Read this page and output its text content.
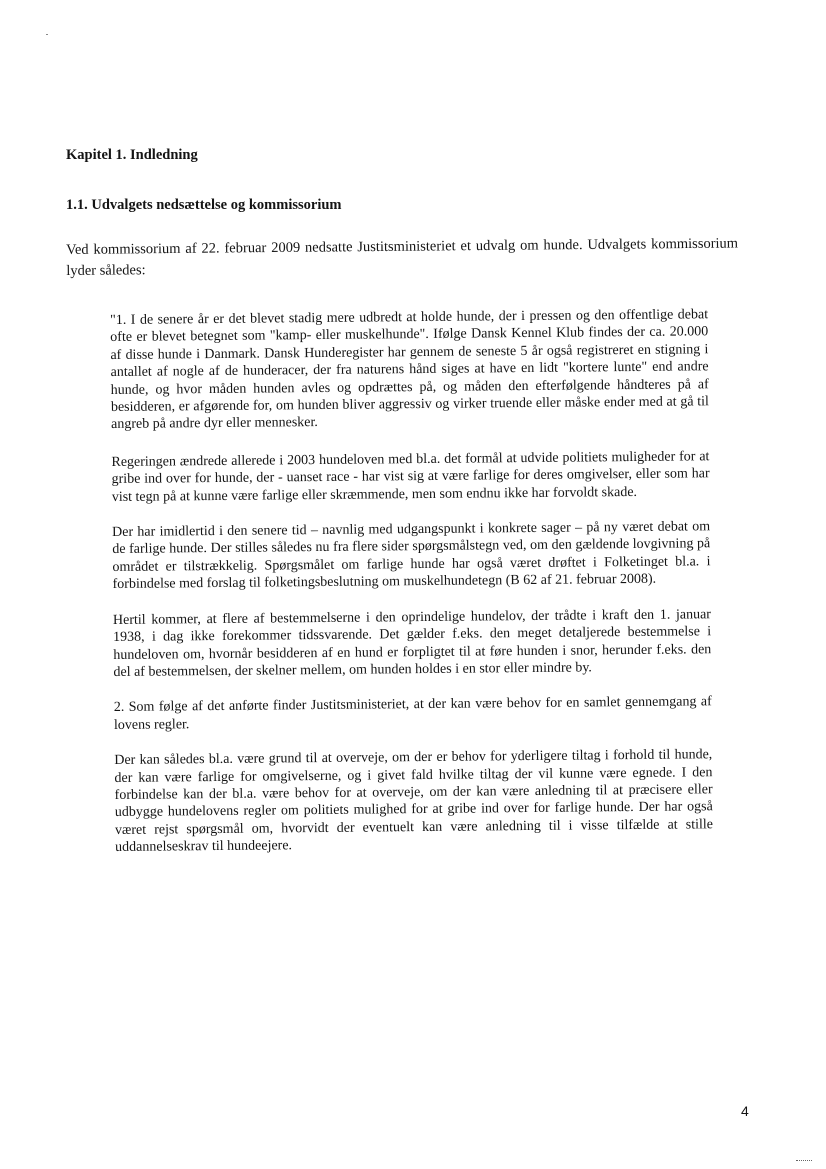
Kapitel 1. Indledning
1.1. Udvalgets nedsættelse og kommissorium

Ved kommissorium af 22. februar 2009 nedsatte Justitsministeriet et udvalg om hunde. Udvalgets kommissorium lyder således:

"1. I de senere år er det blevet stadig mere udbredt at holde hunde, der i pressen og den offentlige debat ofte er blevet betegnet som "kamp- eller muskelhunde". Ifølge Dansk Kennel Klub findes der ca. 20.000 af disse hunde i Danmark. Dansk Hunderegister har gennem de seneste 5 år også registreret en stigning i antallet af nogle af de hunderacer, der fra naturens hånd siges at have en lidt "kortere lunte" end andre hunde, og hvor måden hunden avles og opdrættes på, og måden den efterfølgende håndteres på af besidderen, er afgørende for, om hunden bliver aggressiv og virker truende eller måske ender med at gå til angreb på andre dyr eller mennesker.

Regeringen ændrede allerede i 2003 hundeloven med bl.a. det formål at udvide politiets muligheder for at gribe ind over for hunde, der - uanset race - har vist sig at være farlige for deres omgivelser, eller som har vist tegn på at kunne være farlige eller skræmmende, men som endnu ikke har forvoldt skade.

Der har imidlertid i den senere tid – navnlig med udgangspunkt i konkrete sager – på ny været debat om de farlige hunde. Der stilles således nu fra flere sider spørgsmålstegn ved, om den gældende lovgivning på området er tilstrækkelig. Spørgsmålet om farlige hunde har også været drøftet i Folketinget bl.a. i forbindelse med forslag til folketingsbeslutning om muskelhundetegn (B 62 af 21. februar 2008).

Hertil kommer, at flere af bestemmelserne i den oprindelige hundelov, der trådte i kraft den 1. januar 1938, i dag ikke forekommer tidssvarende. Det gælder f.eks. den meget detaljerede bestemmelse i hundeloven om, hvornår besidderen af en hund er forpligtet til at føre hunden i snor, herunder f.eks. den del af bestemmelsen, der skelner mellem, om hunden holdes i en stor eller mindre by.

2. Som følge af det anførte finder Justitsministeriet, at der kan være behov for en samlet gennemgang af lovens regler.

Der kan således bl.a. være grund til at overveje, om der er behov for yderligere tiltag i forhold til hunde, der kan være farlige for omgivelserne, og i givet fald hvilke tiltag der vil kunne være egnede. I den forbindelse kan der bl.a. være behov for at overveje, om der kan være anledning til at præcisere eller udbygge hundelovens regler om politiets mulighed for at gribe ind over for farlige hunde. Der har også været rejst spørgsmål om, hvorvidt der eventuelt kan være anledning til i visse tilfælde at stille uddannelseskrav til hundeejere.

4
